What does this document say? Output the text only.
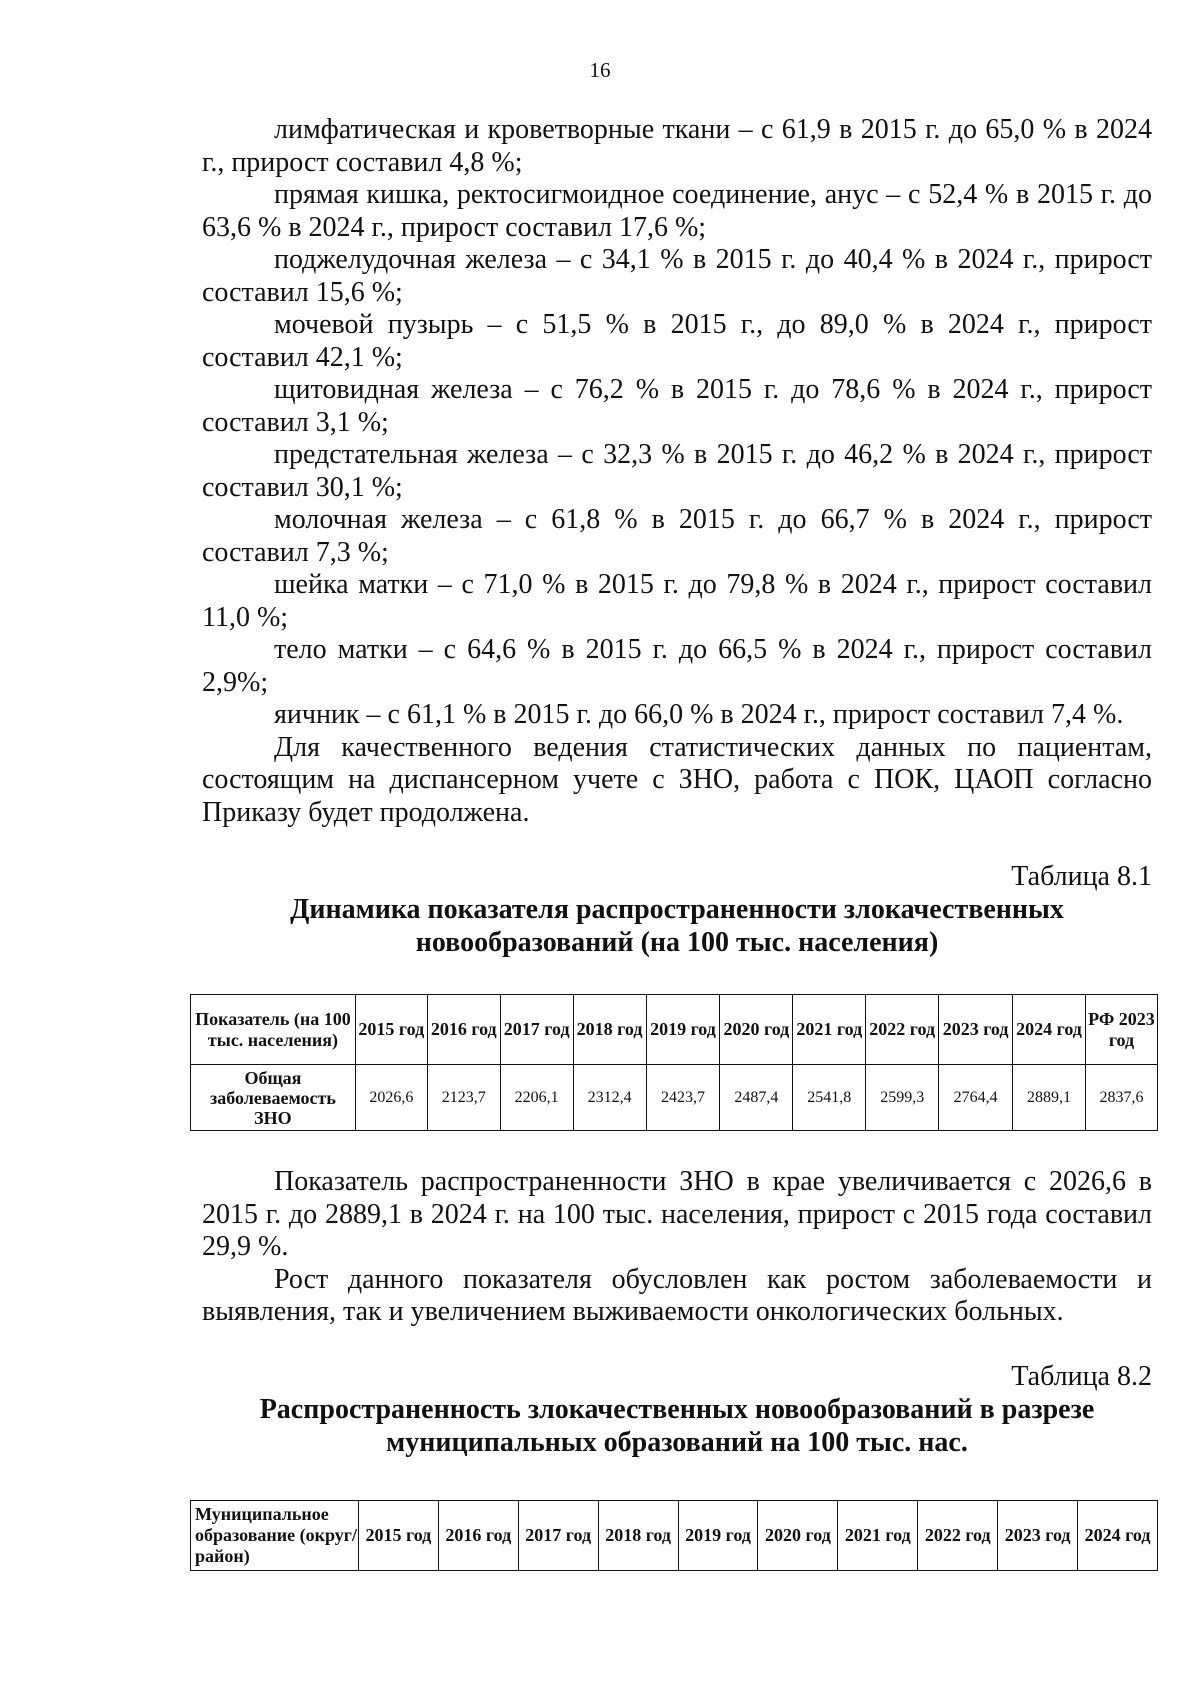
16

лимфатическая и кроветворные ткани – с 61,9 в 2015 г. до 65,0 % в 2024 г., прирост составил 4,8 %;

прямая кишка, ректосигмоидное соединение, анус – с 52,4 % в 2015 г. до 63,6 % в 2024 г., прирост составил 17,6 %;

поджелудочная железа – с 34,1 % в 2015 г. до 40,4 % в 2024 г., прирост составил 15,6 %;

мочевой пузырь – с 51,5 % в 2015 г., до 89,0 % в 2024 г., прирост составил 42,1 %;

щитовидная железа – с 76,2 % в 2015 г. до 78,6 % в 2024 г., прирост составил 3,1 %;

предстательная железа – с 32,3 % в 2015 г. до 46,2 % в 2024 г., прирост составил 30,1 %;

молочная железа – с 61,8 % в 2015 г. до 66,7 % в 2024 г., прирост составил 7,3 %;

шейка матки – с 71,0 % в 2015 г. до 79,8 % в 2024 г., прирост составил 11,0 %;

тело матки – с 64,6 % в 2015 г. до 66,5 % в 2024 г., прирост составил 2,9%;

яичник – с 61,1 % в 2015 г. до 66,0 % в 2024 г., прирост составил 7,4 %.

Для качественного ведения статистических данных по пациентам, состоящим на диспансерном учете с ЗНО, работа с ПОК, ЦАОП согласно Приказу будет продолжена.

Таблица 8.1

Динамика показателя распространенности злокачественных новообразований (на 100 тыс. населения)

Показатель (на 100 тыс. населения)	2015 год	2016 год	2017 год	2018 год	2019 год	2020 год	2021 год	2022 год	2023 год	2024 год	РФ 2023 год
Общая заболеваемость ЗНО	2026,6	2123,7	2206,1	2312,4	2423,7	2487,4	2541,8	2599,3	2764,4	2889,1	2837,6

Показатель распространенности ЗНО в крае увеличивается с 2026,6 в 2015 г. до 2889,1 в 2024 г. на 100 тыс. населения, прирост с 2015 года составил 29,9 %.

Рост данного показателя обусловлен как ростом заболеваемости и выявления, так и увеличением выживаемости онкологических больных.

Таблица 8.2

Распространенность злокачественных новообразований в разрезе муниципальных образований на 100 тыс. нас.

Муниципальное образование (округ/район)	2015 год	2016 год	2017 год	2018 год	2019 год	2020 год	2021 год	2022 год	2023 год	2024 год
